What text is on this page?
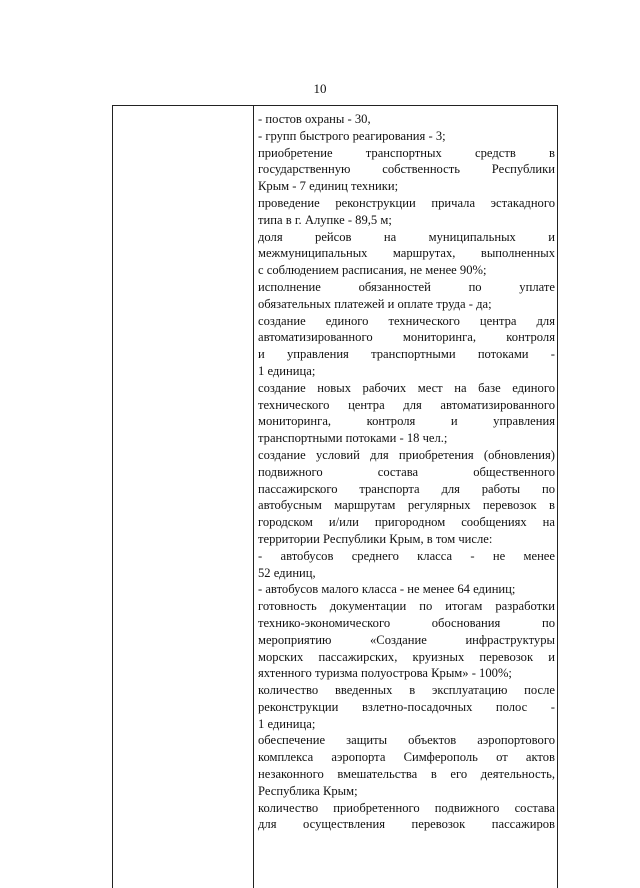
10
- постов охраны - 30,
- групп быстрого реагирования - 3;
приобретение транспортных средств в
государственную собственность Республики
Крым - 7 единиц техники;
проведение реконструкции причала эстакадного
типа в г. Алупке - 89,5 м;
доля рейсов на муниципальных и
межмуниципальных маршрутах, выполненных
с соблюдением расписания, не менее 90%;
исполнение обязанностей по уплате
обязательных платежей и оплате труда - да;
создание единого технического центра для
автоматизированного мониторинга, контроля
и управления транспортными потоками -
1 единица;
создание новых рабочих мест на базе единого
технического центра для автоматизированного
мониторинга, контроля и управления
транспортными потоками - 18 чел.;
создание условий для приобретения (обновления)
подвижного состава общественного
пассажирского транспорта для работы по
автобусным маршрутам регулярных перевозок в
городском и/или пригородном сообщениях на
территории Республики Крым, в том числе:
- автобусов среднего класса - не менее
52 единиц,
- автобусов малого класса - не менее 64 единиц;
готовность документации по итогам разработки
технико-экономического обоснования по
мероприятию «Создание инфраструктуры
морских пассажирских, круизных перевозок и
яхтенного туризма полуострова Крым» - 100%;
количество введенных в эксплуатацию после
реконструкции взлетно-посадочных полос -
1 единица;
обеспечение защиты объектов аэропортового
комплекса аэропорта Симферополь от актов
незаконного вмешательства в его деятельность,
Республика Крым;
количество приобретенного подвижного состава
для осуществления перевозок пассажиров
